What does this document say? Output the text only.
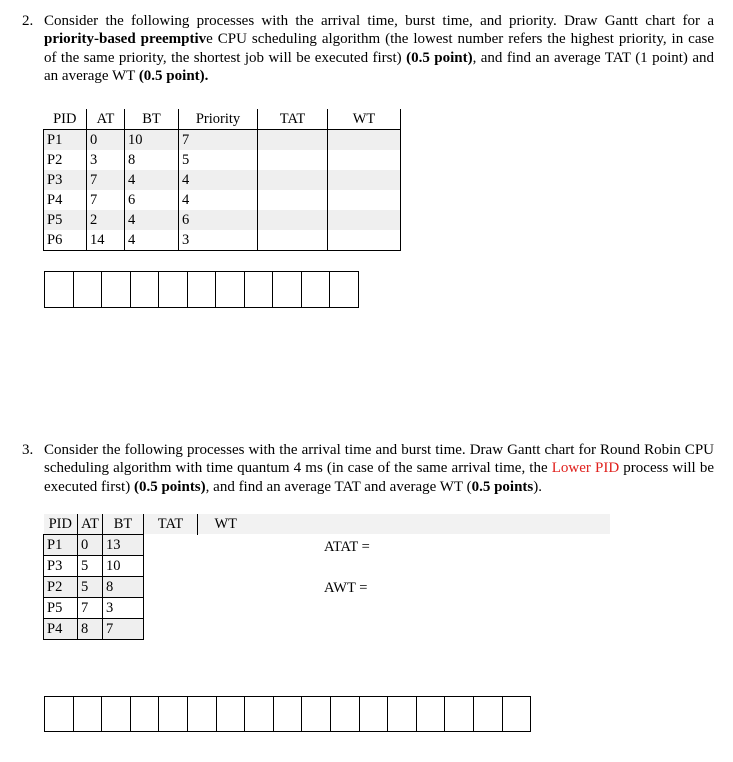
2. Consider the following processes with the arrival time, burst time, and priority. Draw Gantt chart for a priority-based preemptive CPU scheduling algorithm (the lowest number refers the highest priority, in case of the same priority, the shortest job will be executed first) (0.5 point), and find an average TAT (1 point) and an average WT (0.5 point).
PID	AT	BT	Priority	TAT	WT
P1	0	10	7		
P2	3	8	5		
P3	7	4	4		
P4	7	6	4		
P5	2	4	6		
P6	14	4	3		
3. Consider the following processes with the arrival time and burst time. Draw Gantt chart for Round Robin CPU scheduling algorithm with time quantum 4 ms (in case of the same arrival time, the Lower PID process will be executed first) (0.5 points), and find an average TAT and average WT (0.5 points).
PID	AT	BT	TAT	WT
P1	0	13		
P3	5	10		
P2	5	8		
P5	7	3		
P4	8	7		
ATAT =
AWT =
